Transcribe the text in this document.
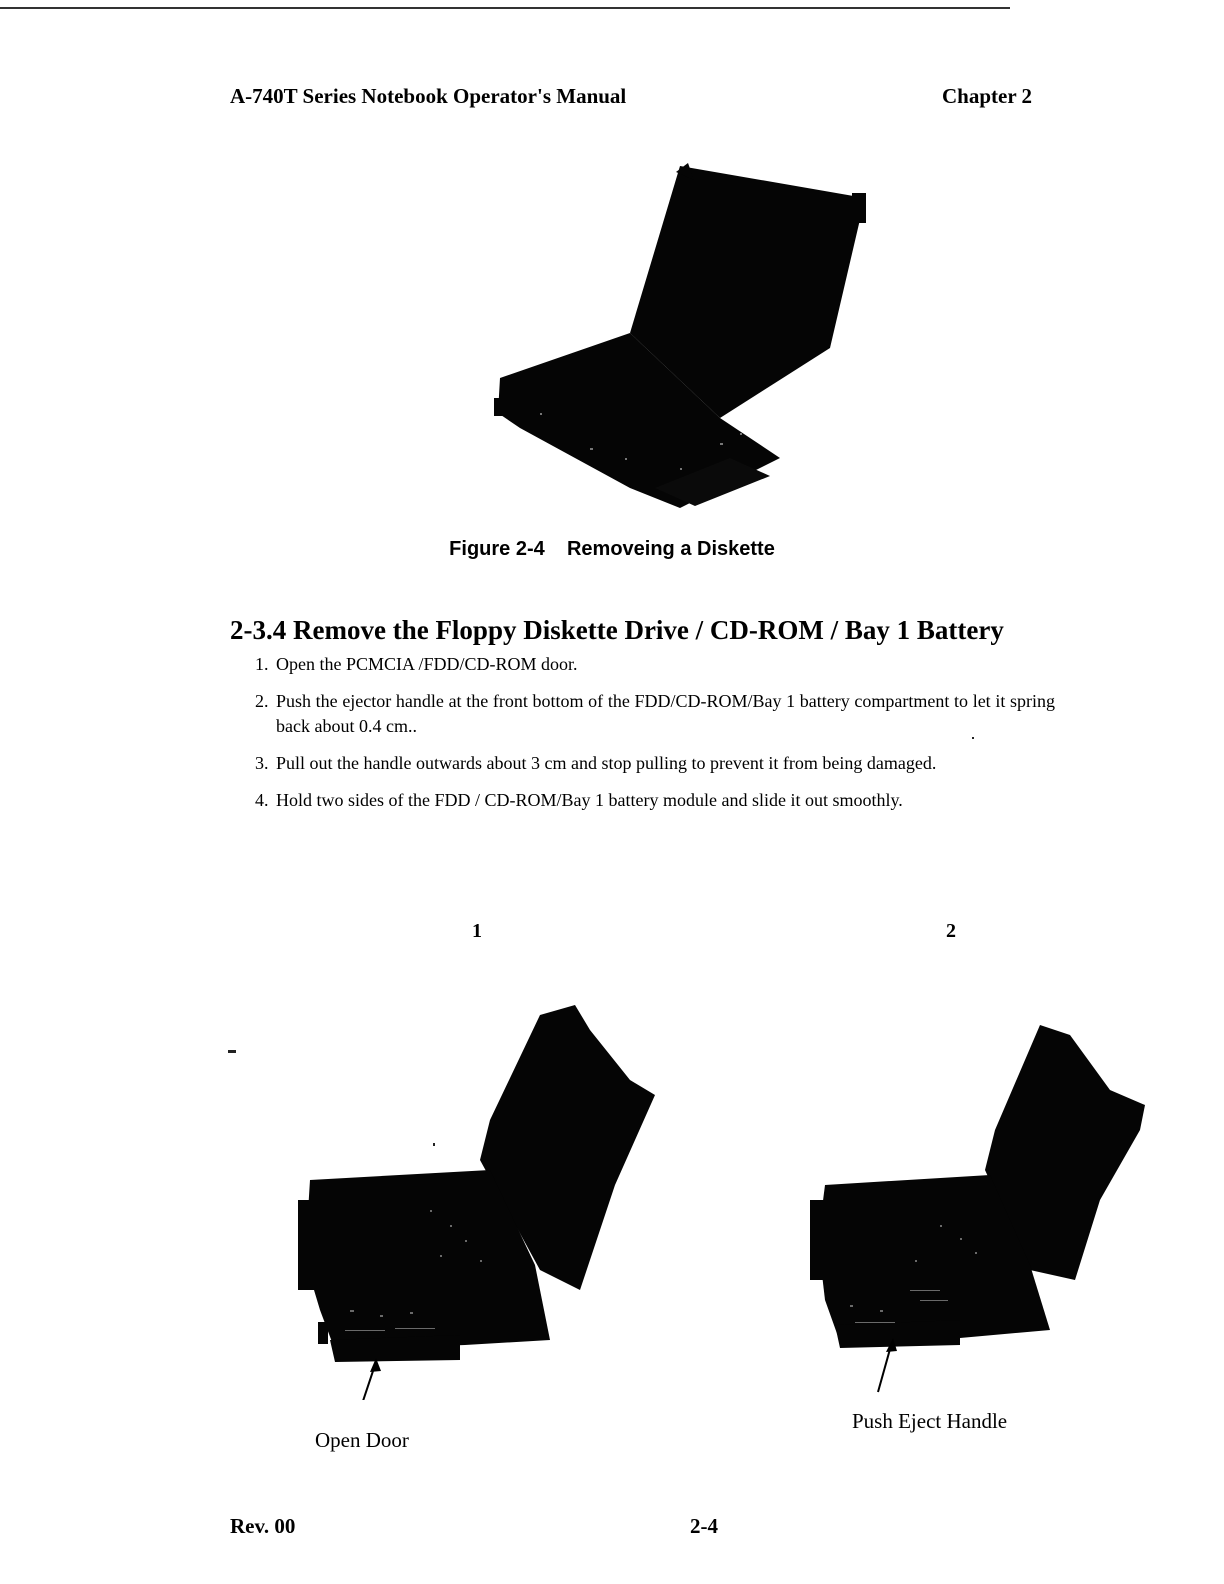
A-740T Series Notebook Operator's Manual	Chapter 2
Figure 2-4    Removeing a Diskette
2-3.4 Remove the Floppy Diskette Drive / CD-ROM / Bay 1 Battery
1. Open the PCMCIA /FDD/CD-ROM door.
2. Push the ejector handle at the front bottom of the FDD/CD-ROM/Bay 1 battery compartment to let it spring back about 0.4 cm..
3. Pull out the handle outwards about 3 cm and stop pulling to prevent it from being damaged.
4. Hold two sides of the FDD / CD-ROM/Bay 1 battery module and slide it out smoothly.
1	2
Open Door
Push Eject Handle
Rev. 00	2-4
